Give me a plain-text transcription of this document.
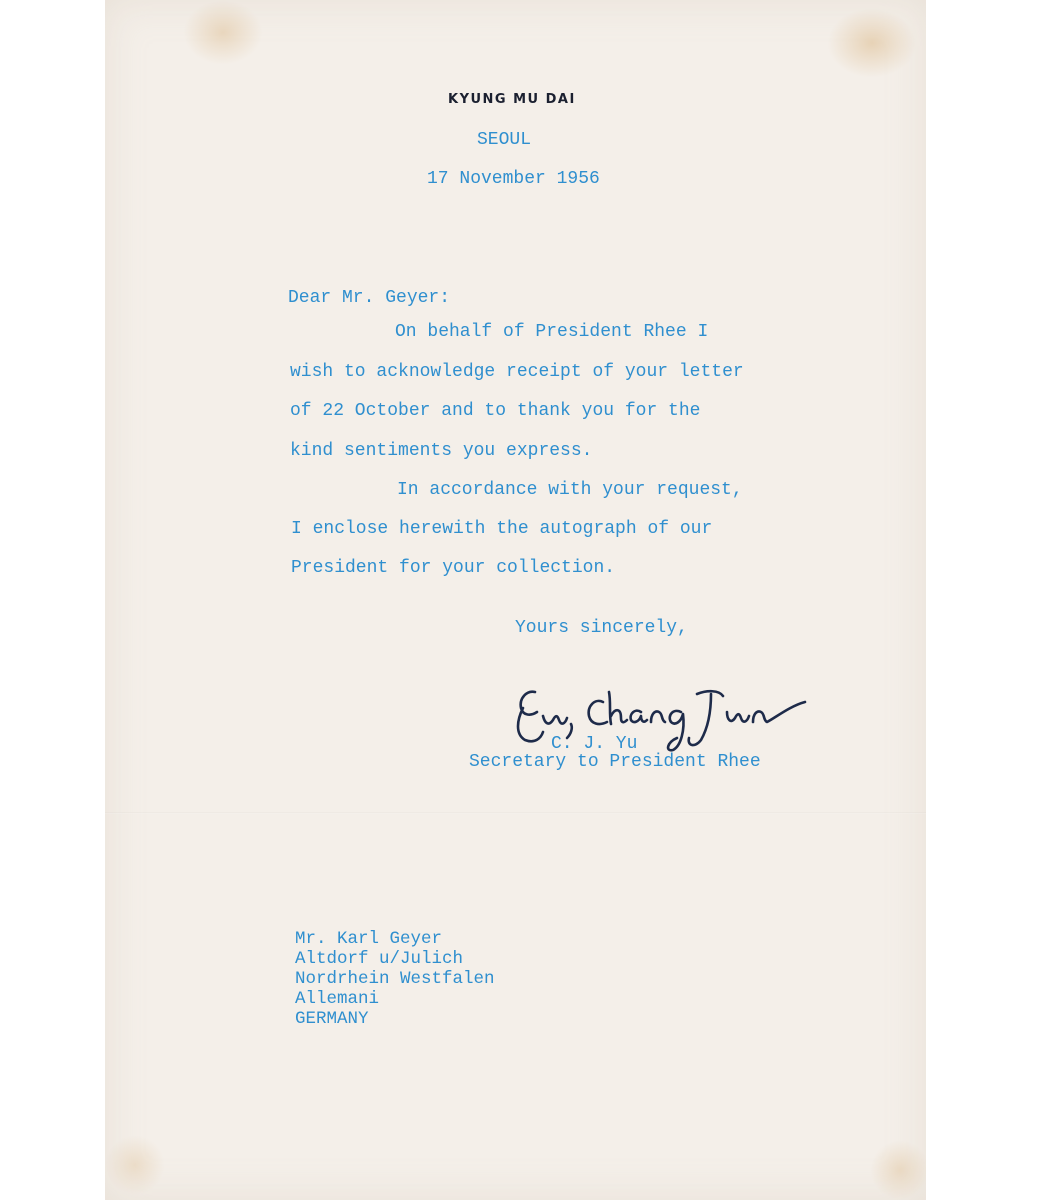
KYUNG MU DAI
SEOUL
17 November 1956
Dear Mr. Geyer:
On behalf of President Rhee I
wish to acknowledge receipt of your letter
of 22 October and to thank you for the
kind sentiments you express.
In accordance with your request,
I enclose herewith the autograph of our
President for your collection.
Yours sincerely,
C. J. Yu
Secretary to President Rhee
Mr. Karl Geyer
Altdorf u/Julich
Nordrhein Westfalen
Allemani
GERMANY
